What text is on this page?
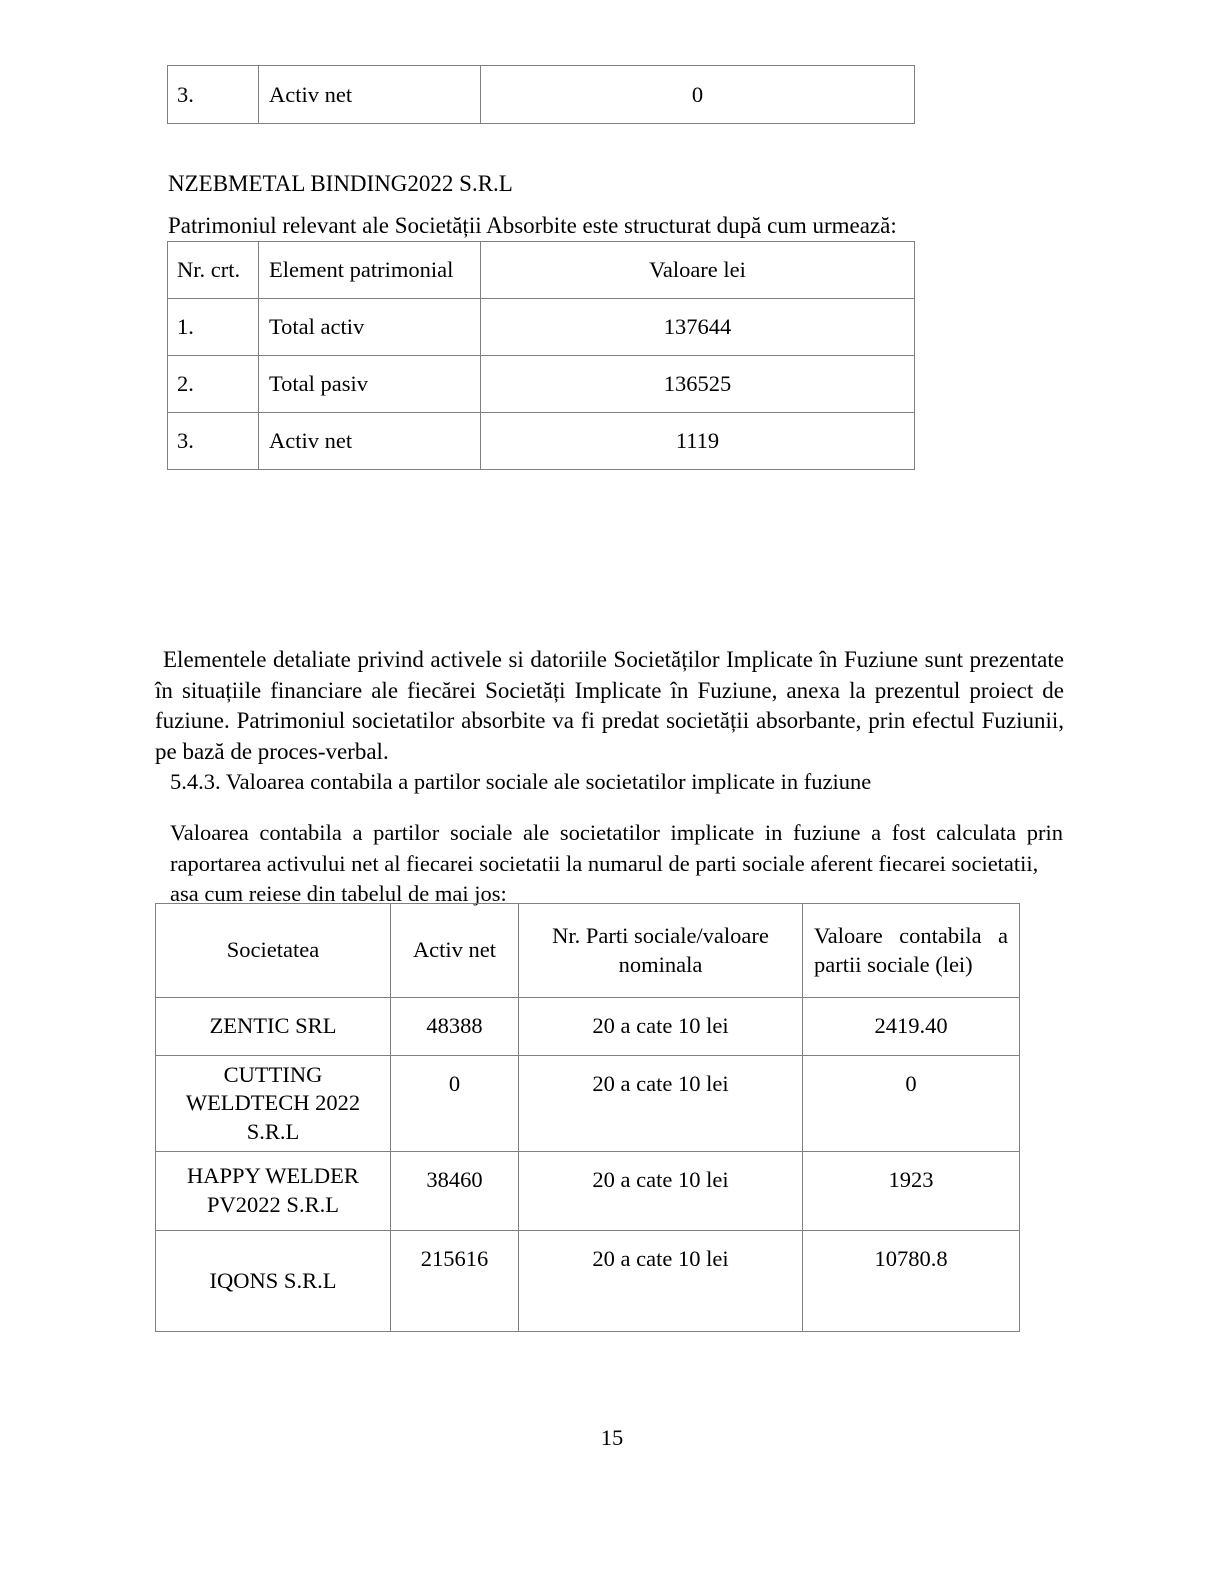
3.	Activ net	0
NZEBMETAL BINDING2022 S.R.L
Patrimoniul relevant ale Societății Absorbite este structurat după cum urmează:
Nr. crt.	Element patrimonial	Valoare lei
1.	Total activ	137644
2.	Total pasiv	136525
3.	Activ net	1119

Elementele detaliate privind activele si datoriile Societăților Implicate în Fuziune sunt prezentate în situațiile financiare ale fiecărei Societăți Implicate în Fuziune, anexa la prezentul proiect de fuziune. Patrimoniul societatilor absorbite va fi predat societății absorbante, prin efectul Fuziunii, pe bază de proces-verbal.

5.4.3. Valoarea contabila a partilor sociale ale societatilor implicate in fuziune
Valoarea contabila a partilor sociale ale societatilor implicate in fuziune a fost calculata prin raportarea activului net al fiecarei societatii la numarul de parti sociale aferent fiecarei societatii,
asa cum reiese din tabelul de mai jos:
Societatea	Activ net	Nr. Parti sociale/valoare nominala	Valoare contabila a partii sociale (lei)
ZENTIC SRL	48388	20 a cate 10 lei	2419.40
CUTTING WELDTECH 2022 S.R.L	0	20 a cate 10 lei	0
HAPPY WELDER PV2022 S.R.L	38460	20 a cate 10 lei	1923
IQONS S.R.L	215616	20 a cate 10 lei	10780.8
15
